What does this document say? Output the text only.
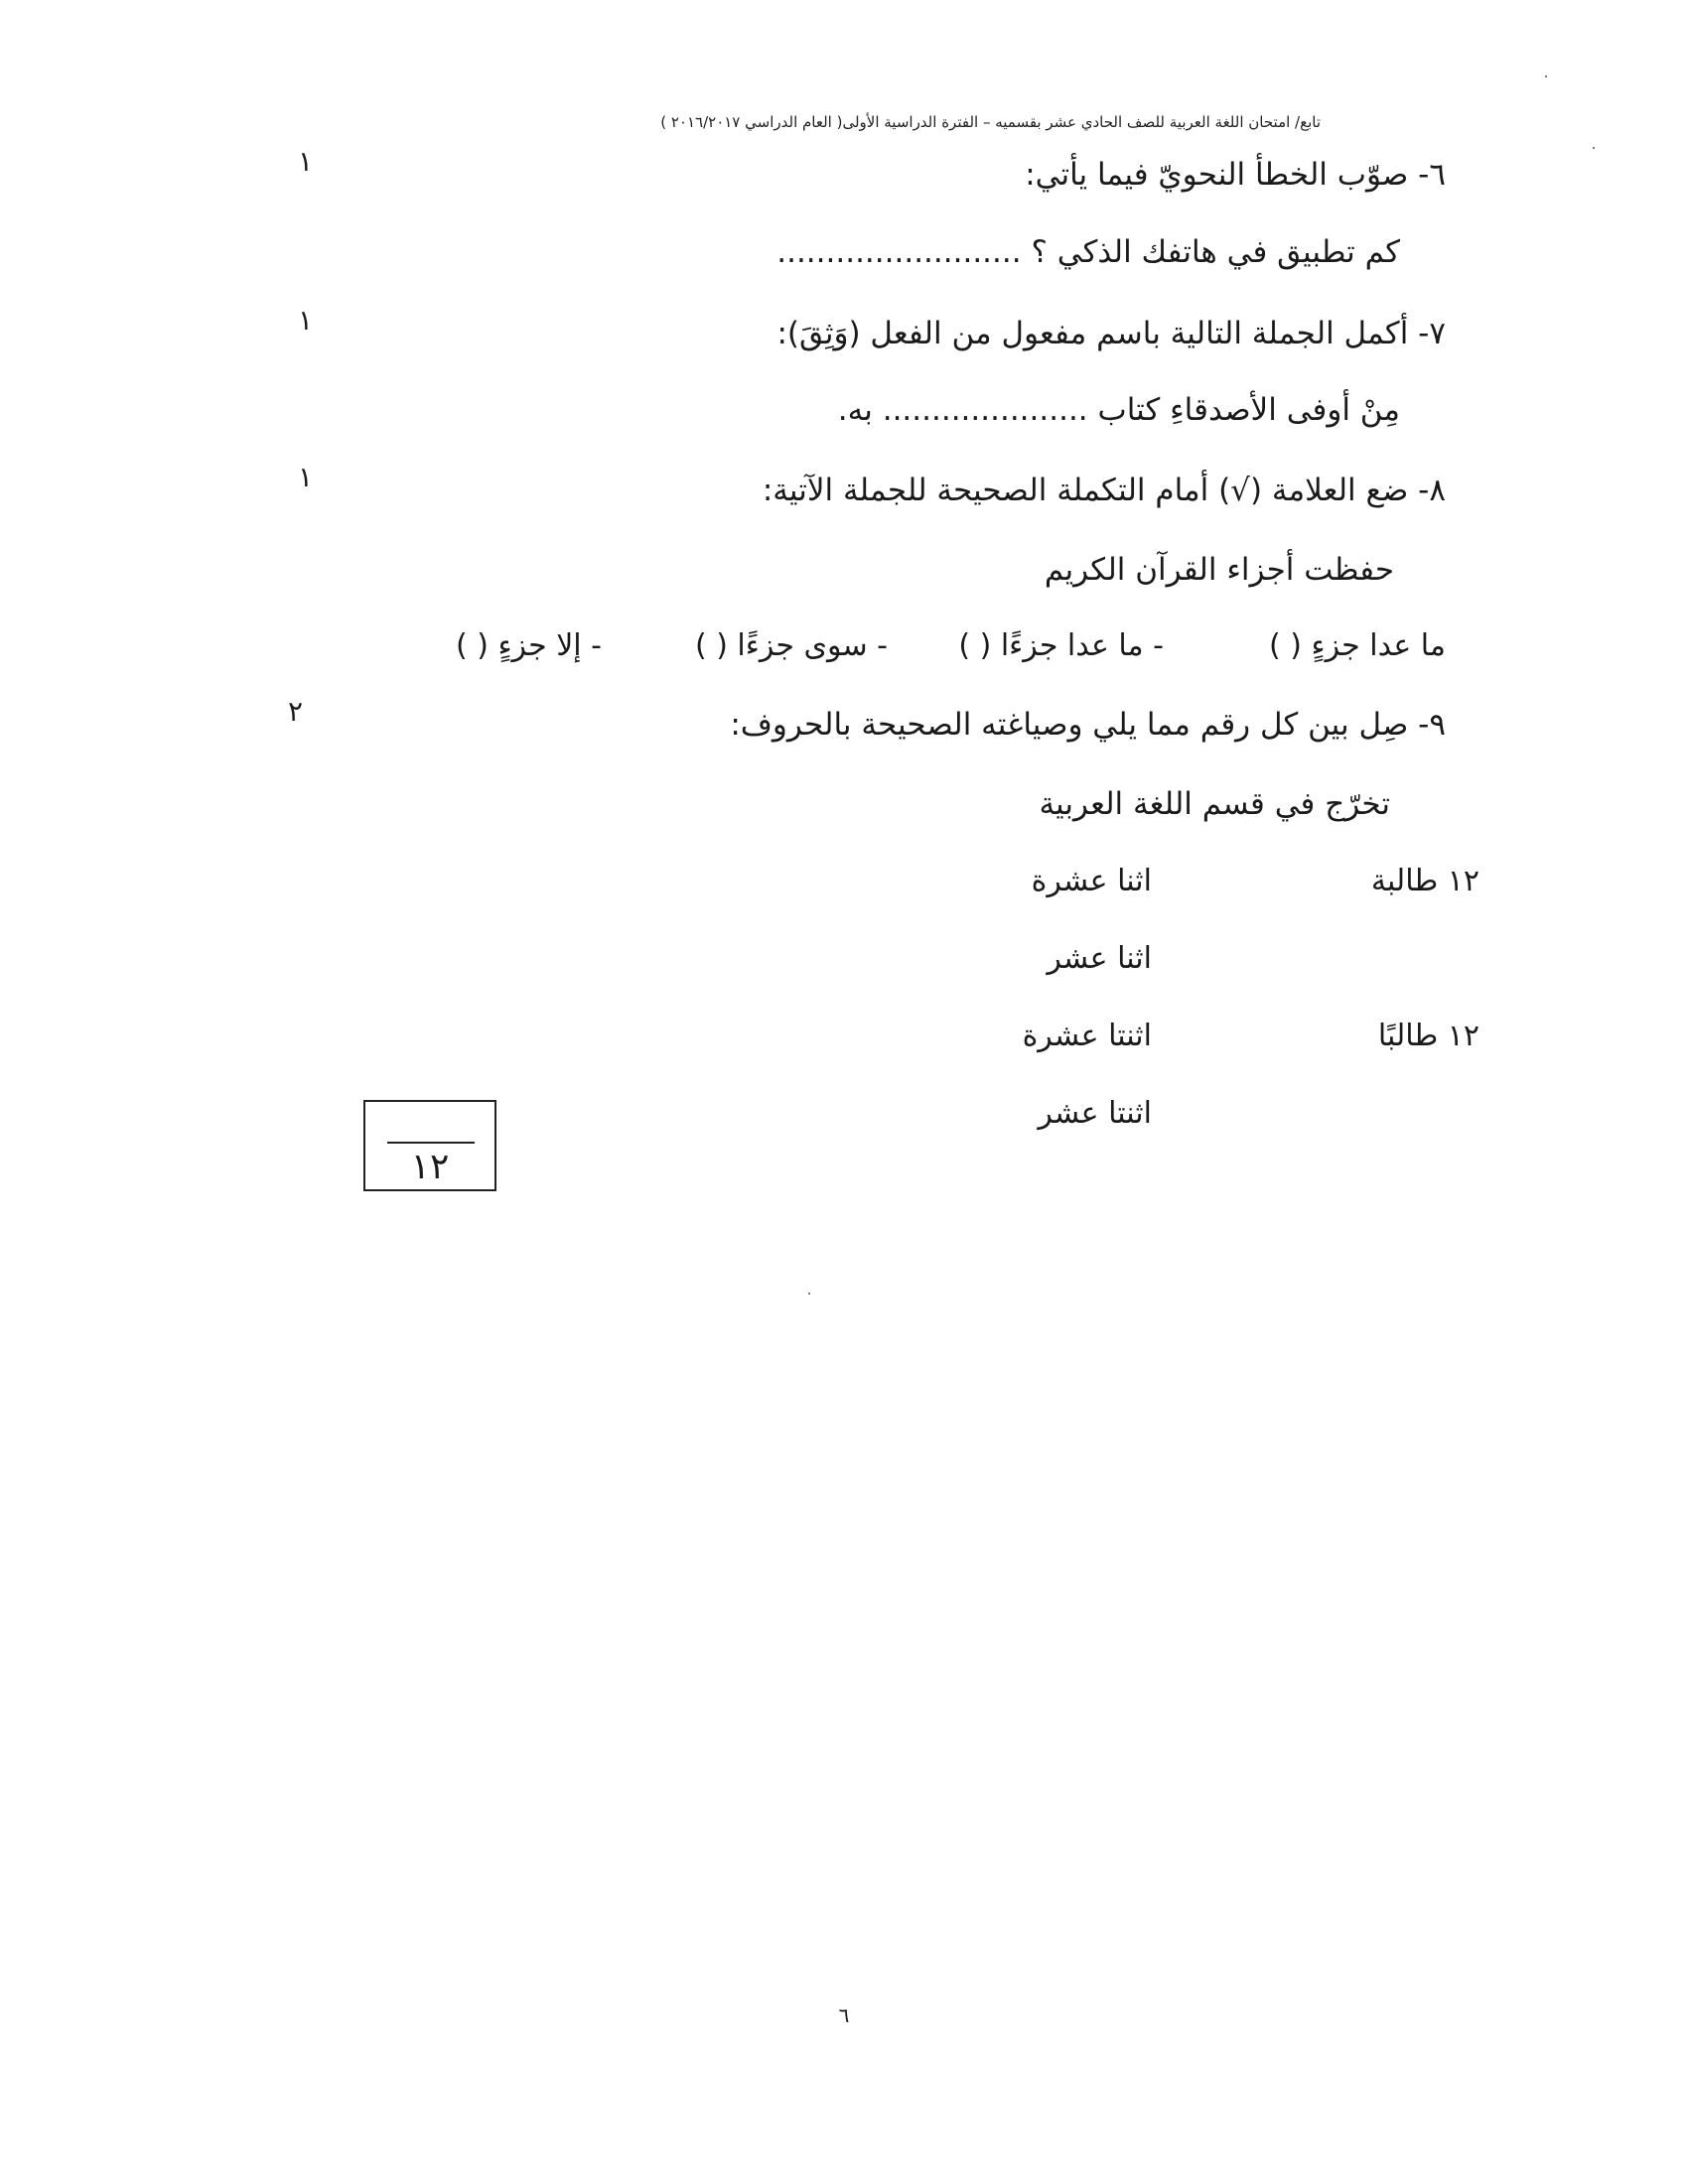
تابع/ امتحان اللغة العربية للصف الحادي عشر بقسميه – الفترة الدراسية الأولى( العام الدراسي ٢٠١٦/٢٠١٧ )
١	٦- صوّب الخطأ النحويّ فيما يأتي:
كم تطبيق في هاتفك الذكي ؟ .........................
١	٧- أكمل الجملة التالية باسم مفعول من الفعل (وَثِقَ):
مِنْ أوفى الأصدقاءِ كتاب ..................... به.
١	٨- ضع العلامة (√) أمام التكملة الصحيحة للجملة الآتية:
حفظت أجزاء القرآن الكريم
ما عدا جزءٍ ( )
- ما عدا جزءًا ( )
- سوى جزءًا ( )
- إلا جزءٍ ( )
٢	٩- صِل بين كل رقم مما يلي وصياغته الصحيحة بالحروف:
تخرّج في قسم اللغة العربية
١٢ طالبة
اثنا عشرة
اثنا عشر
١٢ طالبًا
اثنتا عشرة
اثنتا عشر
١٢
٦
